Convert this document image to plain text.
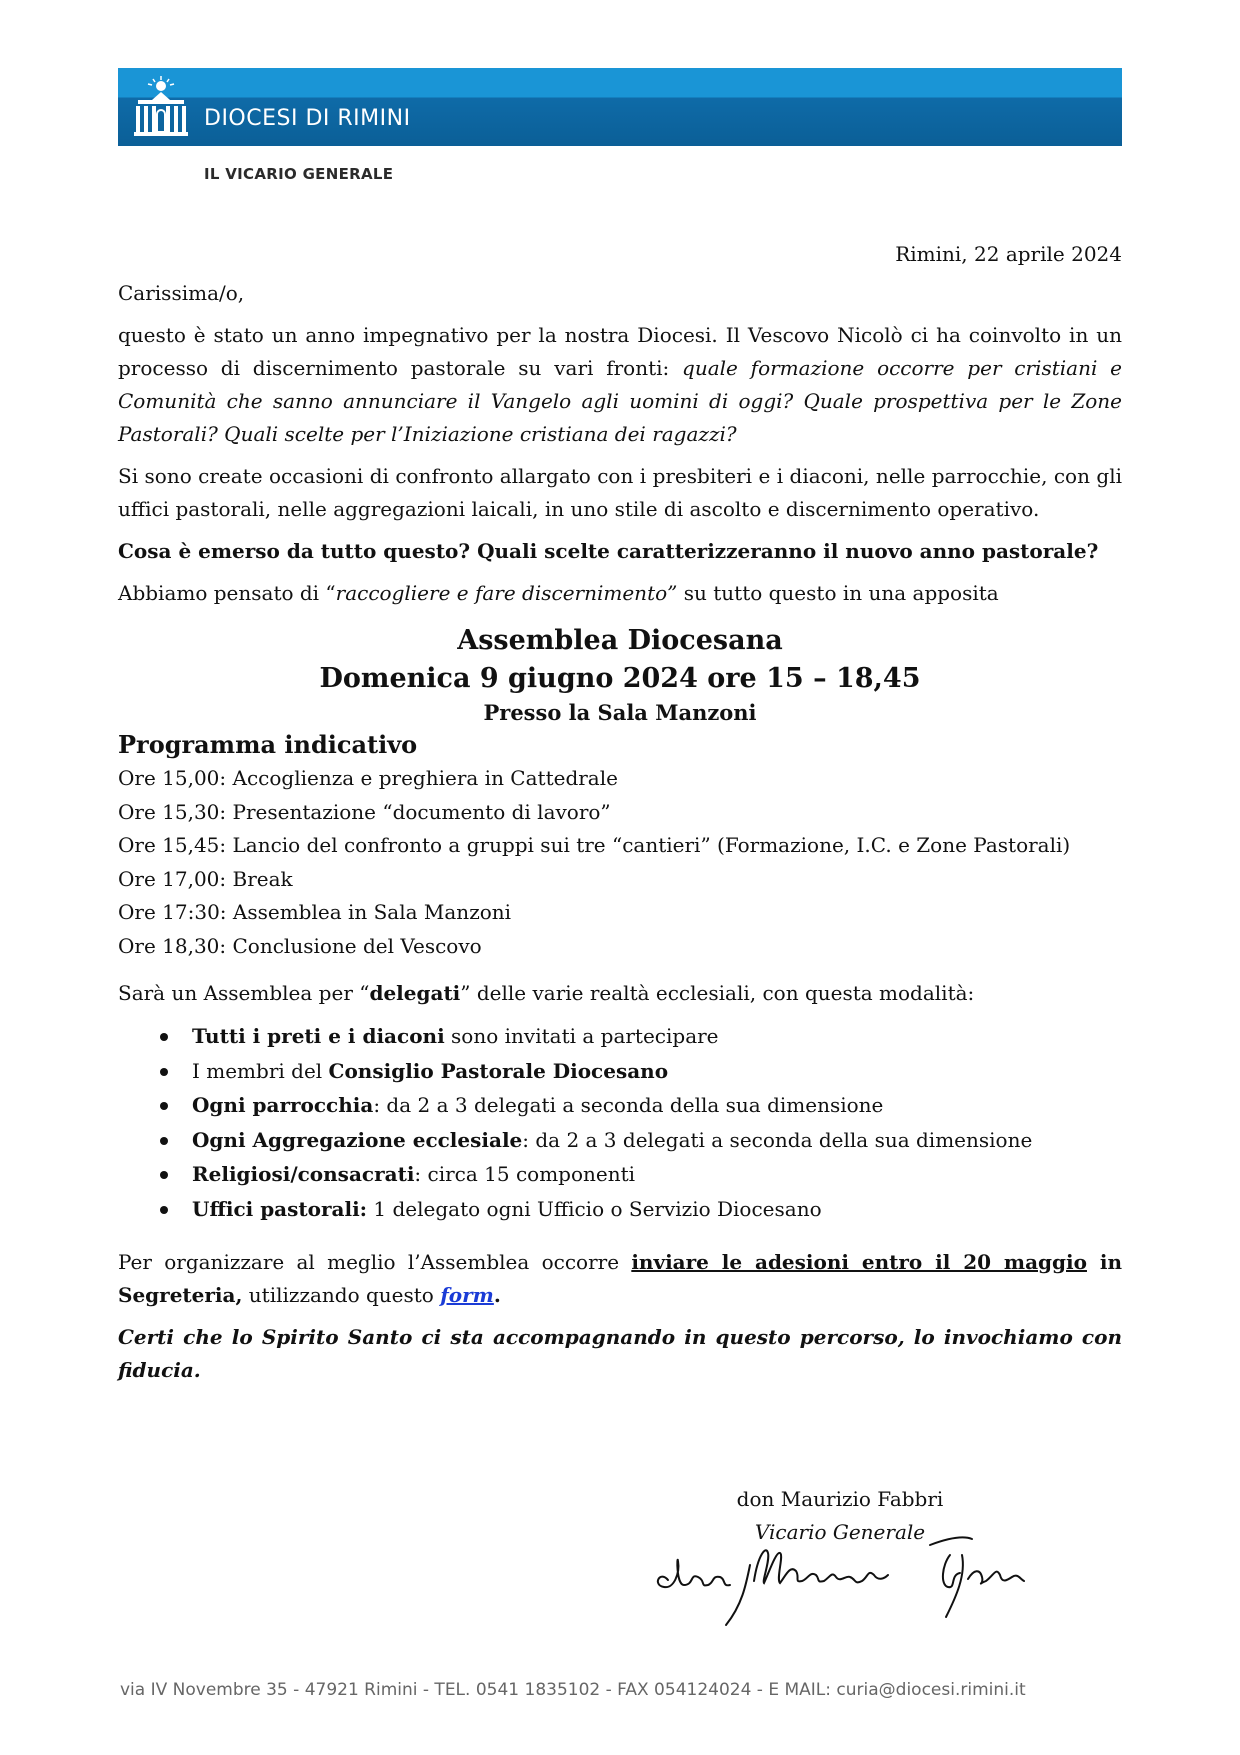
DIOCESI DI RIMINI
IL VICARIO GENERALE
Rimini, 22 aprile 2024

Carissima/o,

questo è stato un anno impegnativo per la nostra Diocesi. Il Vescovo Nicolò ci ha coinvolto in un processo di discernimento pastorale su vari fronti: quale formazione occorre per cristiani e Comunità che sanno annunciare il Vangelo agli uomini di oggi? Quale prospettiva per le Zone Pastorali? Quali scelte per l’Iniziazione cristiana dei ragazzi?

Si sono create occasioni di confronto allargato con i presbiteri e i diaconi, nelle parrocchie, con gli uffici pastorali, nelle aggregazioni laicali, in uno stile di ascolto e discernimento operativo.

Cosa è emerso da tutto questo? Quali scelte caratterizzeranno il nuovo anno pastorale?

Abbiamo pensato di “raccogliere e fare discernimento” su tutto questo in una apposita

Assemblea Diocesana
Domenica 9 giugno 2024 ore 15 – 18,45
Presso la Sala Manzoni
Programma indicativo
Ore 15,00: Accoglienza e preghiera in Cattedrale
Ore 15,30: Presentazione “documento di lavoro”
Ore 15,45: Lancio del confronto a gruppi sui tre “cantieri” (Formazione, I.C. e Zone Pastorali)
Ore 17,00: Break
Ore 17:30: Assemblea in Sala Manzoni
Ore 18,30: Conclusione del Vescovo

Sarà un Assemblea per “delegati” delle varie realtà ecclesiali, con questa modalità:

Tutti i preti e i diaconi sono invitati a partecipare
I membri del Consiglio Pastorale Diocesano
Ogni parrocchia: da 2 a 3 delegati a seconda della sua dimensione
Ogni Aggregazione ecclesiale: da 2 a 3 delegati a seconda della sua dimensione
Religiosi/consacrati: circa 15 componenti
Uffici pastorali: 1 delegato ogni Ufficio o Servizio Diocesano

Per organizzare al meglio l’Assemblea occorre inviare le adesioni entro il 20 maggio in Segreteria, utilizzando questo form.

Certi che lo Spirito Santo ci sta accompagnando in questo percorso, lo invochiamo con fiducia.

don Maurizio Fabbri
Vicario Generale
via IV Novembre 35 - 47921 Rimini - TEL. 0541 1835102 - FAX 054124024 - E MAIL: curia@diocesi.rimini.it
